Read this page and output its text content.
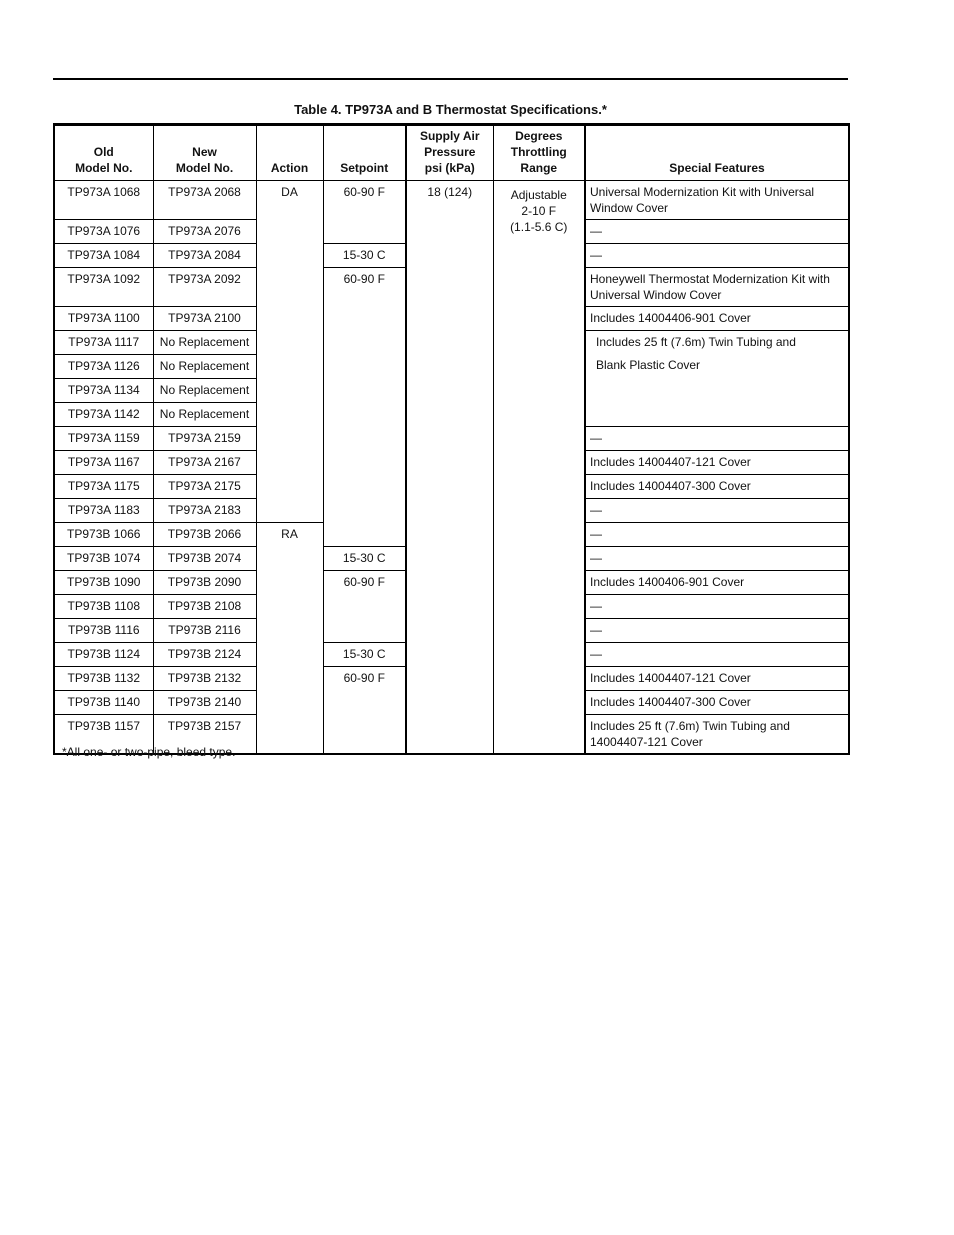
Table 4. TP973A and B Thermostat Specifications.*
Old
Model No.	New
Model No.	Action	Setpoint	Supply Air
Pressure
psi (kPa)	Degrees
Throttling
Range	Special Features
TP973A 1068	TP973A 2068	DA	60-90 F	18 (124)	Adjustable
2-10 F
(1.1-5.6 C)	Universal Modernization Kit with Universal Window Cover
TP973A 1076	TP973A 2076					—
TP973A 1084	TP973A 2084		15-30 C			—
TP973A 1092	TP973A 2092		60-90 F			Honeywell Thermostat Modernization Kit with Universal Window Cover
TP973A 1100	TP973A 2100					Includes 14004406-901 Cover
TP973A 1117	No Replacement					Includes 25 ft (7.6m) Twin Tubing and
Blank Plastic Cover

TP973A 1126	No Replacement					
TP973A 1134	No Replacement					
TP973A 1142	No Replacement					
TP973A 1159	TP973A 2159					—
TP973A 1167	TP973A 2167					Includes 14004407-121 Cover
TP973A 1175	TP973A 2175					Includes 14004407-300 Cover
TP973A 1183	TP973A 2183					—
TP973B 1066	TP973B 2066	RA				—
TP973B 1074	TP973B 2074		15-30 C			—
TP973B 1090	TP973B 2090		60-90 F			Includes 1400406-901 Cover
TP973B 1108	TP973B 2108					—
TP973B 1116	TP973B 2116					—
TP973B 1124	TP973B 2124		15-30 C			—
TP973B 1132	TP973B 2132		60-90 F			Includes 14004407-121 Cover
TP973B 1140	TP973B 2140					Includes 14004407-300 Cover
TP973B 1157	TP973B 2157					Includes 25 ft (7.6m) Twin Tubing and 14004407-121 Cover
*All one- or two-pipe, bleed type.
